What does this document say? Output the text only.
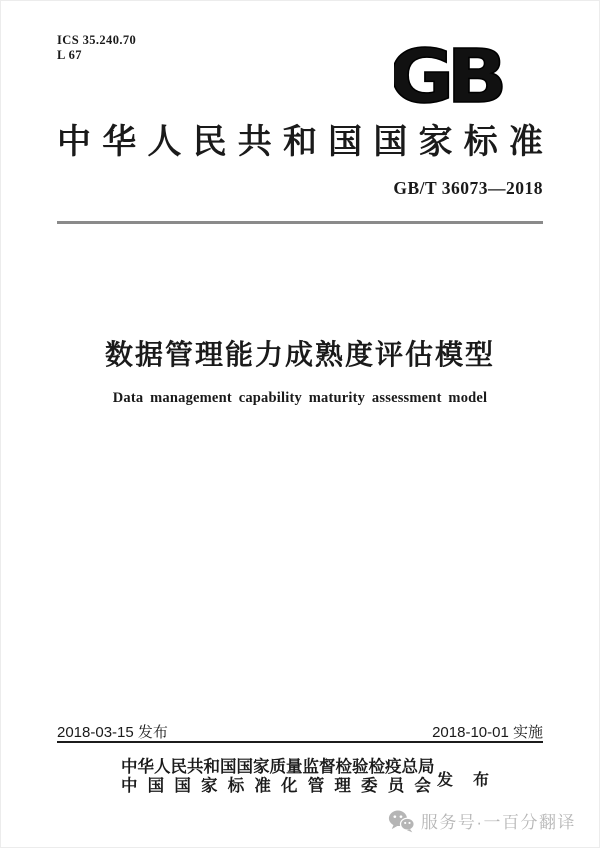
ICS 35.240.70
L 67	GB
中 华 人 民 共 和 国 国 家 标 准
GB/T 36073—2018
数据管理能力成熟度评估模型
Data management capability maturity assessment model
2018-03-15 发布	2018-10-01 实施
中 华 人 民 共 和 国 国 家 质 量 监 督 检 验 检 疫 总 局
中 国 国 家 标 准 化 管 理 委 员 会 发 布
服务号·一百分翻译
